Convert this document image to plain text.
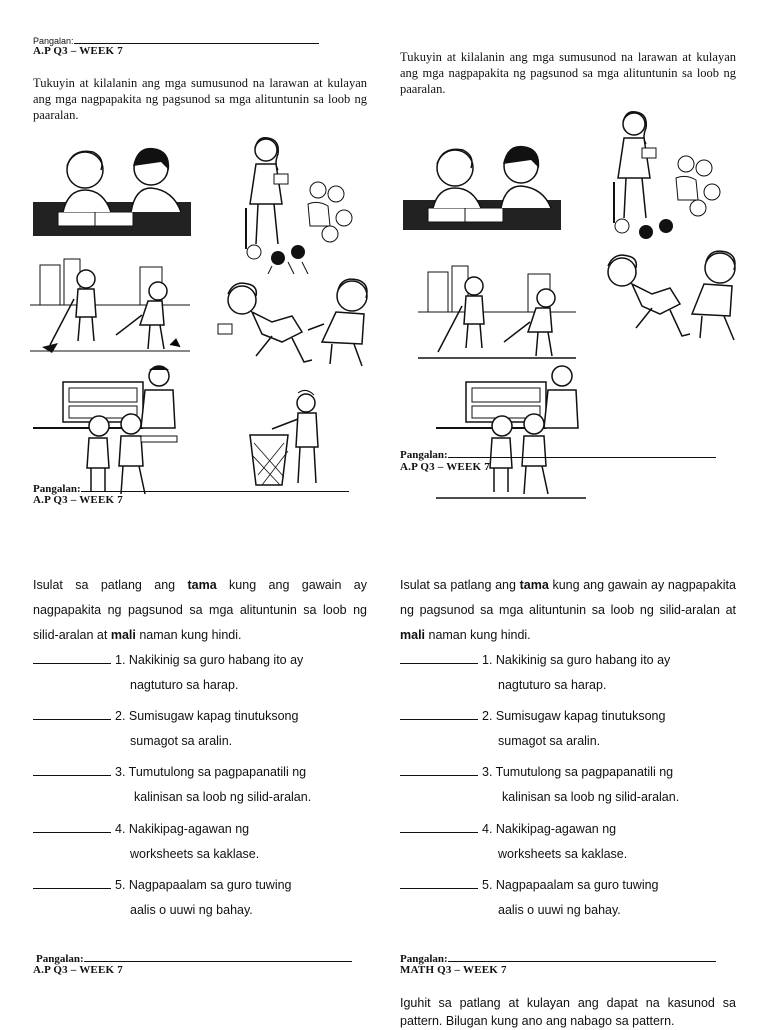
Pangalan:
A.P Q3 – WEEK 7
Tukuyin at kilalanin ang mga sumusunod na larawan at kulayan ang mga nagpapakita ng pagsunod sa mga alituntunin sa loob ng paaralan.
Pangalan:
A.P Q3 – WEEK 7
Tukuyin at kilalanin ang mga sumusunod na larawan at kulayan ang mga nagpapakita ng pagsunod sa mga alituntunin sa loob ng paaralan.
Pangalan:
A.P Q3 – WEEK 7
Isulat sa patlang ang tama kung ang gawain ay nagpapakita ng pagsunod sa mga alituntunin sa loob ng silid-aralan at mali naman kung hindi.
1. Nakikinig sa guro habang ito ay
nagtuturo sa harap.
2. Sumisugaw kapag tinutuksong
sumagot sa aralin.
3. Tumutulong sa pagpapanatili ng
kalinisan sa loob ng silid-aralan.
4. Nakikipag-agawan ng
worksheets sa kaklase.
5. Nagpapaalam sa guro tuwing
aalis o uuwi ng bahay.
Isulat sa patlang ang tama kung ang gawain ay nagpapakita ng pagsunod sa mga alituntunin sa loob ng silid-aralan at mali naman kung hindi.
1. Nakikinig sa guro habang ito ay
nagtuturo sa harap.
2. Sumisugaw kapag tinutuksong
sumagot sa aralin.
3. Tumutulong sa pagpapanatili ng
kalinisan sa loob ng silid-aralan.
4. Nakikipag-agawan ng
worksheets sa kaklase.
5. Nagpapaalam sa guro tuwing
aalis o uuwi ng bahay.
Pangalan:
A.P Q3 – WEEK 7
Pangalan:
MATH Q3 – WEEK 7
Iguhit sa patlang at kulayan ang dapat na kasunod sa pattern. Bilugan kung ano ang nabago sa pattern.
